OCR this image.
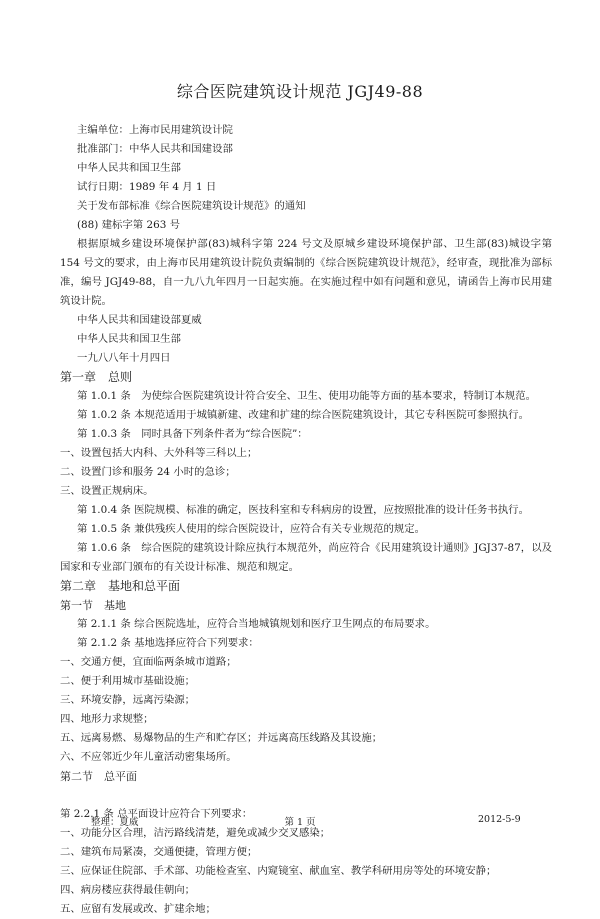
综合医院建筑设计规范 JGJ49-88

主编单位：上海市民用建筑设计院

批准部门：中华人民共和国建设部

中华人民共和国卫生部

试行日期：1989 年 4 月 1 日

关于发布部标准《综合医院建筑设计规范》的通知

(88) 建标字第 263 号

根据原城乡建设环境保护部(83)城科字第 224 号文及原城乡建设环境保护部、卫生部(83)城设字第 154 号文的要求，由上海市民用建筑设计院负责编制的《综合医院建筑设计规范》，经审查，现批准为部标准，编号 JGJ49-88，自一九八九年四月一日起实施。在实施过程中如有问题和意见，请函告上海市民用建筑设计院。

中华人民共和国建设部夏威

中华人民共和国卫生部

一九八八年十月四日

第一章　总则

第 1.0.1 条　为使综合医院建筑设计符合安全、卫生、使用功能等方面的基本要求，特制订本规范。

第 1.0.2 条 本规范适用于城镇新建、改建和扩建的综合医院建筑设计，其它专科医院可参照执行。

第 1.0.3 条　同时具备下列条件者为“综合医院”：

一、设置包括大内科、大外科等三科以上；

二、设置门诊和服务 24 小时的急诊；

三、设置正规病床。

第 1.0.4 条 医院规模、标准的确定，医技科室和专科病房的设置，应按照批准的设计任务书执行。

第 1.0.5 条 兼供残疾人使用的综合医院设计，应符合有关专业规范的规定。

第 1.0.6 条　综合医院的建筑设计除应执行本规范外，尚应符合《民用建筑设计通则》JGJ37-87，以及国家和专业部门颁布的有关设计标准、规范和规定。

第二章　基地和总平面

第一节　基地

第 2.1.1 条 综合医院选址，应符合当地城镇规划和医疗卫生网点的布局要求。

第 2.1.2 条 基地选择应符合下列要求：

一、交通方便，宜面临两条城市道路；

二、便于利用城市基础设施；

三、环境安静，远离污染源；

四、地形力求规整；

五、远离易燃、易爆物品的生产和贮存区；并远离高压线路及其设施；

六、不应邻近少年儿童活动密集场所。

第二节　总平面

第 2.2.1 条 总平面设计应符合下列要求：

一、功能分区合理，洁污路线清楚，避免或减少交叉感染；

二、建筑布局紧凑，交通便捷，管理方便；

三、应保证住院部、手术部、功能检查室、内窥镜室、献血室、教学科研用房等处的环境安静；

四、病房楼应获得最佳朝向；

五、应留有发展或改、扩建余地；

整理：夏威	第 1 页	2012-5-9
